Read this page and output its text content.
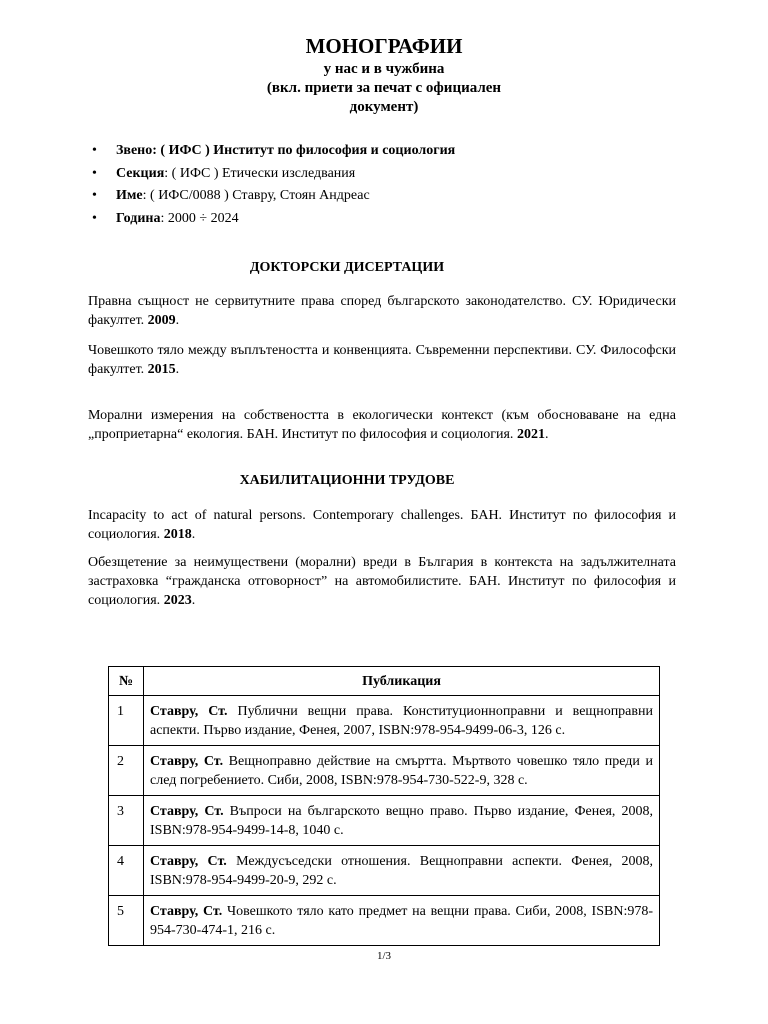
МОНОГРАФИИ
у нас и в чужбина
(вкл. приети за печат с официален
документ)
• Звено: ( ИФС ) Институт по философия и социология
• Секция: ( ИФС ) Етически изследвания
• Име: ( ИФС/0088 ) Ставру, Стоян Андреас
• Година: 2000 ÷ 2024
ДОКТОРСКИ ДИСЕРТАЦИИ
Правна същност не сервитутните права според българското законодателство. СУ. Юридически факултет. 2009.
Човешкото тяло между въплътеността и конвенцията. Съвременни перспективи. СУ. Философски факултет. 2015.
Морални измерения на собствеността в екологически контекст (към обосноваване на една „проприетарна“ екология. БАН. Институт по философия и социология. 2021.
ХАБИЛИТАЦИОННИ ТРУДОВЕ
Incapacity to act of natural persons. Contemporary challenges. БАН. Институт по философия и социология. 2018.
Обезщетение за неимуществени (морални) вреди в България в контекста на задължителната застраховка “гражданска отговорност” на автомобилистите. БАН. Институт по философия и социология. 2023.
№	Публикация
1	Ставру, Ст. Публични вещни права. Конституционноправни и вещноправни аспекти. Първо издание, Фенея, 2007, ISBN:978-954-9499-06-3, 126 с.
2	Ставру, Ст. Вещноправно действие на смъртта. Мъртвото човешко тяло преди и след погребението. Сиби, 2008, ISBN:978-954-730-522-9, 328 с.
3	Ставру, Ст. Въпроси на българското вещно право. Първо издание, Фенея, 2008, ISBN:978-954-9499-14-8, 1040 с.
4	Ставру, Ст. Междусъседски отношения. Вещноправни аспекти. Фенея, 2008, ISBN:978-954-9499-20-9, 292 с.
5	Ставру, Ст. Човешкото тяло като предмет на вещни права. Сиби, 2008, ISBN:978-954-730-474-1, 216 с.
1/3
